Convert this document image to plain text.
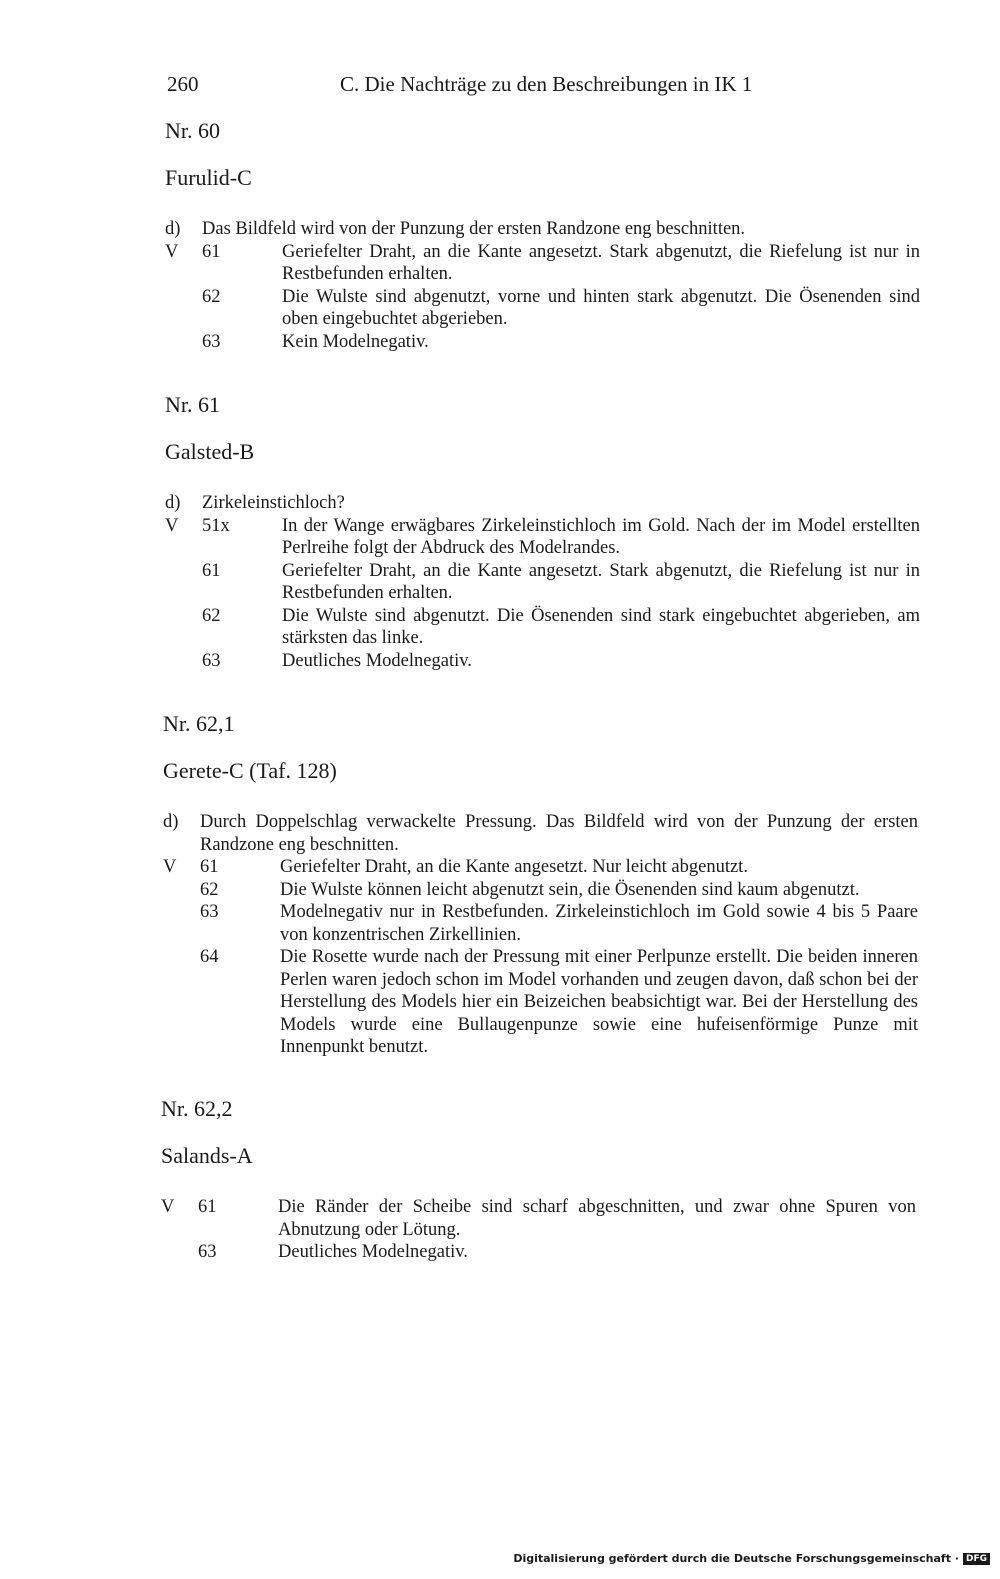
260	C. Die Nachträge zu den Beschreibungen in IK 1
Nr. 60
Furulid-C
d)	Das Bildfeld wird von der Punzung der ersten Randzone eng beschnitten.
V	61	Geriefelter Draht, an die Kante angesetzt. Stark abgenutzt, die Riefelung ist nur in Restbefunden erhalten.
62	Die Wulste sind abgenutzt, vorne und hinten stark abgenutzt. Die Ösenenden sind oben eingebuchtet abgerieben.
63	Kein Modelnegativ.
Nr. 61
Galsted-B
d)	Zirkeleinstichloch?
V	51x	In der Wange erwägbares Zirkeleinstichloch im Gold. Nach der im Model erstellten Perlreihe folgt der Abdruck des Modelrandes.
61	Geriefelter Draht, an die Kante angesetzt. Stark abgenutzt, die Riefelung ist nur in Restbefunden erhalten.
62	Die Wulste sind abgenutzt. Die Ösenenden sind stark eingebuchtet abgerieben, am stärksten das linke.
63	Deutliches Modelnegativ.
Nr. 62,1
Gerete-C (Taf. 128)
d)	Durch Doppelschlag verwackelte Pressung. Das Bildfeld wird von der Punzung der ersten Randzone eng beschnitten.
V	61	Geriefelter Draht, an die Kante angesetzt. Nur leicht abgenutzt.
62	Die Wulste können leicht abgenutzt sein, die Ösenenden sind kaum abgenutzt.
63	Modelnegativ nur in Restbefunden. Zirkeleinstichloch im Gold sowie 4 bis 5 Paare von konzentrischen Zirkellinien.
64	Die Rosette wurde nach der Pressung mit einer Perlpunze erstellt. Die beiden inneren Perlen waren jedoch schon im Model vorhanden und zeugen davon, daß schon bei der Herstellung des Models hier ein Beizeichen beabsichtigt war. Bei der Herstellung des Models wurde eine Bullaugenpunze sowie eine hufeisenförmige Punze mit Innenpunkt benutzt.
Nr. 62,2
Salands-A
V	61	Die Ränder der Scheibe sind scharf abgeschnitten, und zwar ohne Spuren von Abnutzung oder Lötung.
63	Deutliches Modelnegativ.
Digitalisierung gefördert durch die Deutsche Forschungsgemeinschaft · DFG
